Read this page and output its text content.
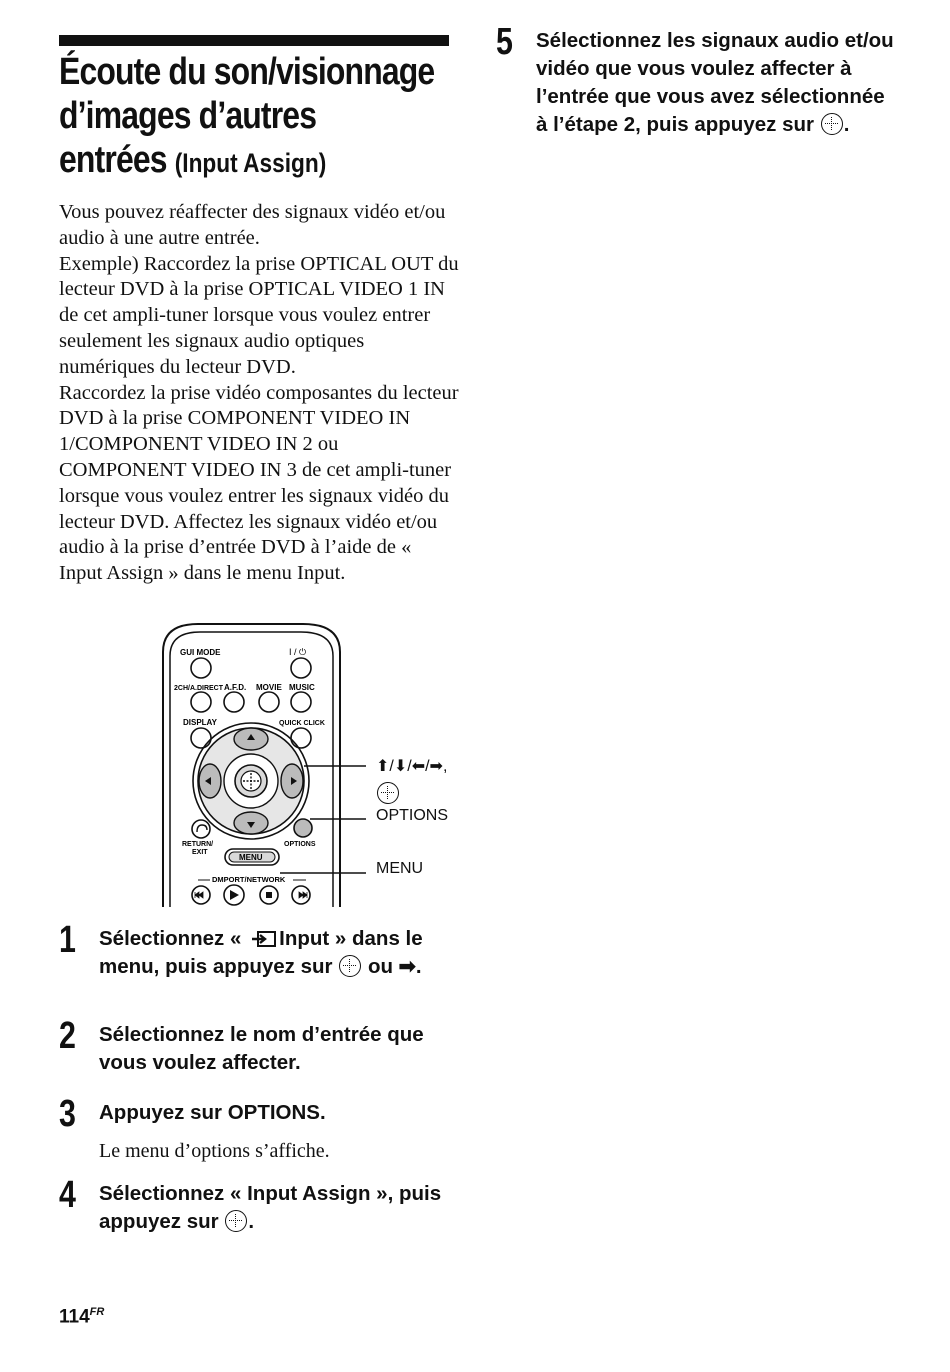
Écoute du son/visionnage
d’images d’autres
entrées (Input Assign)

Vous pouvez réaffecter des signaux vidéo et/ou audio à une autre entrée.

Exemple) Raccordez la prise OPTICAL OUT du lecteur DVD à la prise OPTICAL VIDEO 1 IN de cet ampli-tuner lorsque vous voulez entrer seulement les signaux audio optiques numériques du lecteur DVD.

Raccordez la prise vidéo composantes du lecteur DVD à la prise COMPONENT VIDEO IN 1/COMPONENT VIDEO IN 2 ou COMPONENT VIDEO IN 3 de cet ampli-tuner lorsque vous voulez entrer les signaux vidéo du lecteur DVD. Affectez les signaux vidéo et/ou audio à la prise d’entrée DVD à l’aide de « Input Assign » dans le menu Input.

GUI MODE	I / ⏻
2CH/A.DIRECT A.F.D. MOVIE MUSIC
DISPLAY	QUICK CLICK
RETURN/
EXIT
OPTIONS
MENU
DMPORT/NETWORK
⬆/⬇/⬅/➡,

OPTIONS
MENU
1 Sélectionnez « Input » dans le menu, puis appuyez sur ou ➡.
2 Sélectionnez le nom d’entrée que vous voulez affecter.
3 Appuyez sur OPTIONS.
Le menu d’options s’affiche.
4 Sélectionnez « Input Assign », puis appuyez sur .
5 Sélectionnez les signaux audio et/ou vidéo que vous voulez affecter à l’entrée que vous avez sélectionnée à l’étape 2, puis appuyez sur .
$114^{FR}$
